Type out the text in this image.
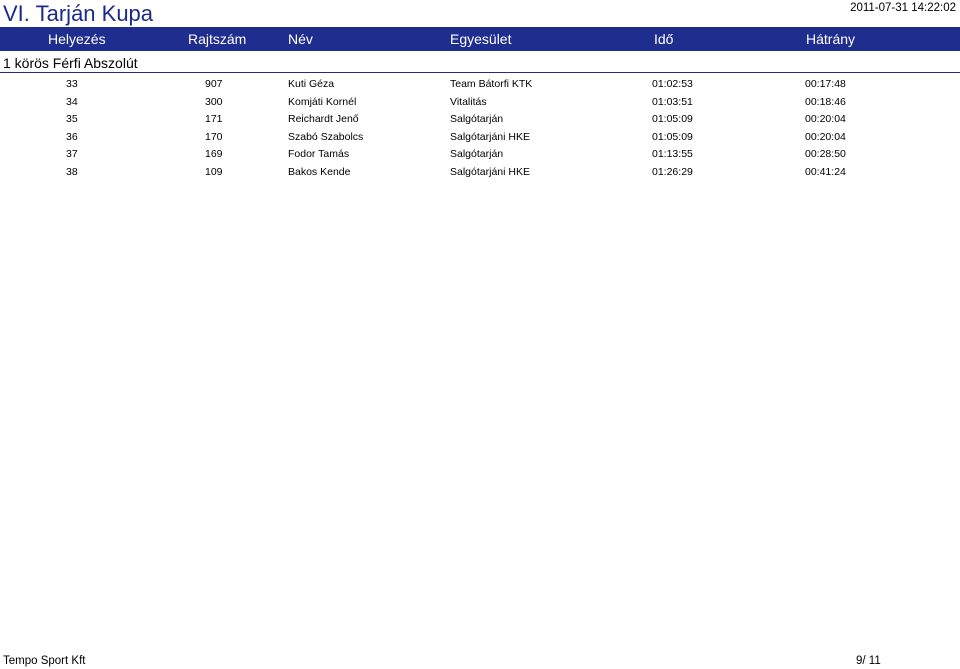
VI. Tarján Kupa	2011-07-31 14:22:02
Helyezés	Rajtszám	Név	Egyesület	Idő	Hátrány
1 körös Férfi Abszolút
33	907	Kuti Géza	Team Bátorfi KTK	01:02:53	00:17:48
34	300	Komjáti Kornél	Vitalitás	01:03:51	00:18:46
35	171	Reichardt Jenő	Salgótarján	01:05:09	00:20:04
36	170	Szabó Szabolcs	Salgótarjáni HKE	01:05:09	00:20:04
37	169	Fodor Tamás	Salgótarján	01:13:55	00:28:50
38	109	Bakos Kende	Salgótarjáni HKE	01:26:29	00:41:24
Tempo Sport Kft	9/ 11
